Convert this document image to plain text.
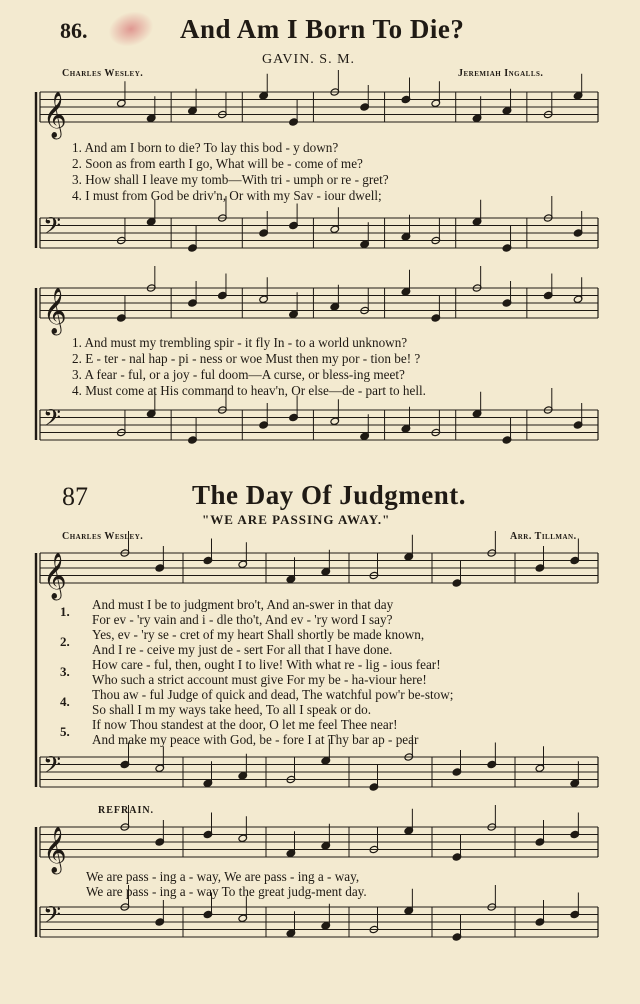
86.	And Am I Born To Die?
GAVIN. S. M.
Charles Wesley.	Jeremiah Ingalls.
1. And am I born to die? To lay this bod - y down?
2. Soon as from earth I go, What will be - come of me?
3. How shall I leave my tomb—With tri - umph or re - gret?
4. I must from God be driv'n, Or with my Sav - iour dwell;
1. And must my trembling spir - it fly In - to a world unknown?
2. E - ter - nal hap - pi - ness or woe Must then my por - tion be! ?
3. A fear - ful, or a joy - ful doom—A curse, or bless-ing meet?
4. Must come at His command to heav'n, Or else—de - part to hell.
87	The Day Of Judgment.
"WE ARE PASSING AWAY."
Charles Wesley.	Arr. Tillman.
1.
2.
3.
4.
5.
And must I be to judgment bro't, And an-swer in that day
For ev - 'ry vain and i - dle tho't, And ev - 'ry word I say?
Yes, ev - 'ry se - cret of my heart Shall shortly be made known,
And I re - ceive my just de - sert For all that I have done.
How care - ful, then, ought I to live! With what re - lig - ious fear!
Who such a strict account must give For my be - ha-viour here!
Thou aw - ful Judge of quick and dead, The watchful pow'r be-stow;
So shall I m my ways take heed, To all I speak or do.
If now Thou standest at the door, O let me feel Thee near!
And make my peace with God, be - fore I at Thy bar ap - pear
REFRAIN.
We are pass - ing a - way, We are pass - ing a - way,
We are pass - ing a - way To the great judg-ment day.
𝄞
𝄢
𝄞
𝄢
𝄞
𝄢
𝄞
𝄢
